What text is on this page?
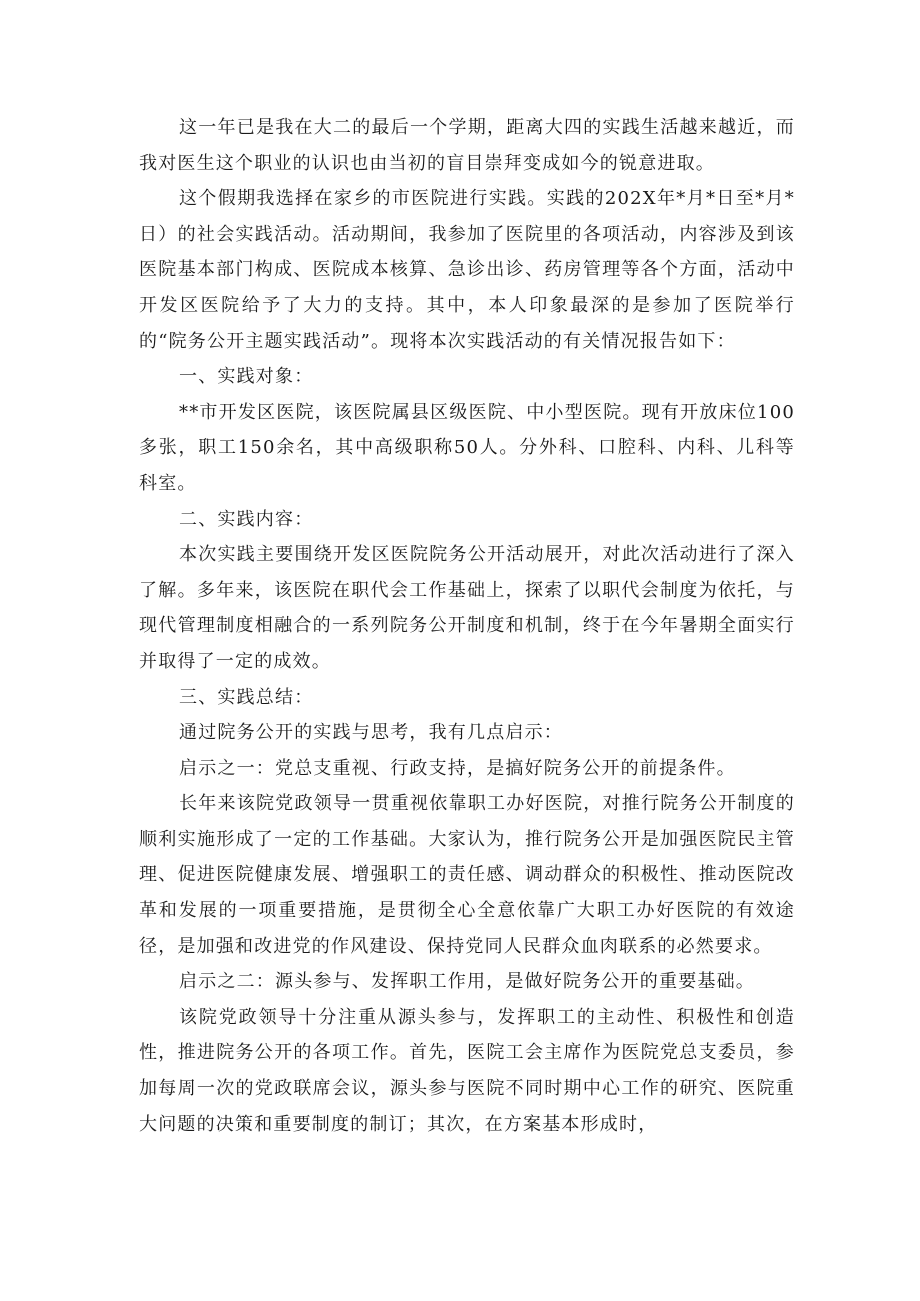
这一年已是我在大二的最后一个学期，距离大四的实践生活越来越近，而我对医生这个职业的认识也由当初的盲目崇拜变成如今的锐意进取。

这个假期我选择在家乡的市医院进行实践。实践的202X年*月*日至*月*日）的社会实践活动。活动期间，我参加了医院里的各项活动，内容涉及到该医院基本部门构成、医院成本核算、急诊出诊、药房管理等各个方面，活动中开发区医院给予了大力的支持。其中，本人印象最深的是参加了医院举行的“院务公开主题实践活动”。现将本次实践活动的有关情况报告如下：

一、实践对象：

**市开发区医院，该医院属县区级医院、中小型医院。现有开放床位100多张，职工150余名，其中高级职称50人。分外科、口腔科、内科、儿科等科室。

二、实践内容：

本次实践主要围绕开发区医院院务公开活动展开，对此次活动进行了深入了解。多年来，该医院在职代会工作基础上，探索了以职代会制度为依托，与现代管理制度相融合的一系列院务公开制度和机制，终于在今年暑期全面实行并取得了一定的成效。

三、实践总结：

通过院务公开的实践与思考，我有几点启示：

启示之一：党总支重视、行政支持，是搞好院务公开的前提条件。

长年来该院党政领导一贯重视依靠职工办好医院，对推行院务公开制度的顺利实施形成了一定的工作基础。大家认为，推行院务公开是加强医院民主管理、促进医院健康发展、增强职工的责任感、调动群众的积极性、推动医院改革和发展的一项重要措施，是贯彻全心全意依靠广大职工办好医院的有效途径，是加强和改进党的作风建设、保持党同人民群众血肉联系的必然要求。

启示之二：源头参与、发挥职工作用，是做好院务公开的重要基础。

该院党政领导十分注重从源头参与，发挥职工的主动性、积极性和创造性，推进院务公开的各项工作。首先，医院工会主席作为医院党总支委员，参加每周一次的党政联席会议，源头参与医院不同时期中心工作的研究、医院重大问题的决策和重要制度的制订；其次，在方案基本形成时，
